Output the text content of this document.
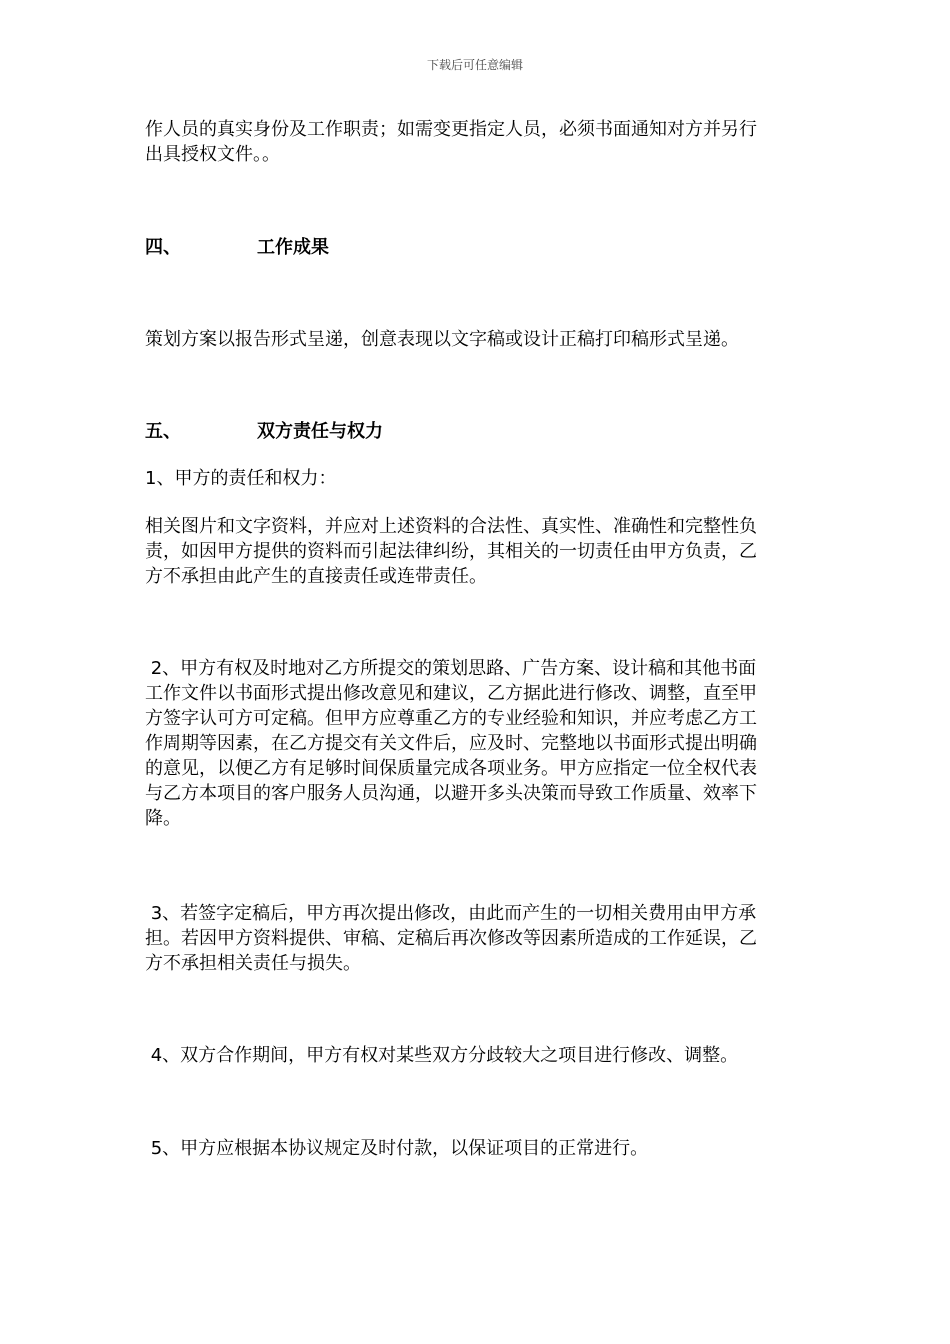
下载后可任意编辑

作人员的真实身份及工作职责；如需变更指定人员，必须书面通知对方并另行
出具授权文件。。

四、	工作成果

策划方案以报告形式呈递，创意表现以文字稿或设计正稿打印稿形式呈递。

五、	双方责任与权力

1、甲方的责任和权力：

相关图片和文字资料，并应对上述资料的合法性、真实性、准确性和完整性负
责，如因甲方提供的资料而引起法律纠纷，其相关的一切责任由甲方负责，乙
方不承担由此产生的直接责任或连带责任。

2、甲方有权及时地对乙方所提交的策划思路、广告方案、设计稿和其他书面
工作文件以书面形式提出修改意见和建议，乙方据此进行修改、调整，直至甲
方签字认可方可定稿。但甲方应尊重乙方的专业经验和知识，并应考虑乙方工
作周期等因素，在乙方提交有关文件后，应及时、完整地以书面形式提出明确
的意见，以便乙方有足够时间保质量完成各项业务。甲方应指定一位全权代表
与乙方本项目的客户服务人员沟通，以避开多头决策而导致工作质量、效率下
降。

3、若签字定稿后，甲方再次提出修改，由此而产生的一切相关费用由甲方承
担。若因甲方资料提供、审稿、定稿后再次修改等因素所造成的工作延误，乙
方不承担相关责任与损失。

4、双方合作期间，甲方有权对某些双方分歧较大之项目进行修改、调整。

5、甲方应根据本协议规定及时付款，以保证项目的正常进行。
